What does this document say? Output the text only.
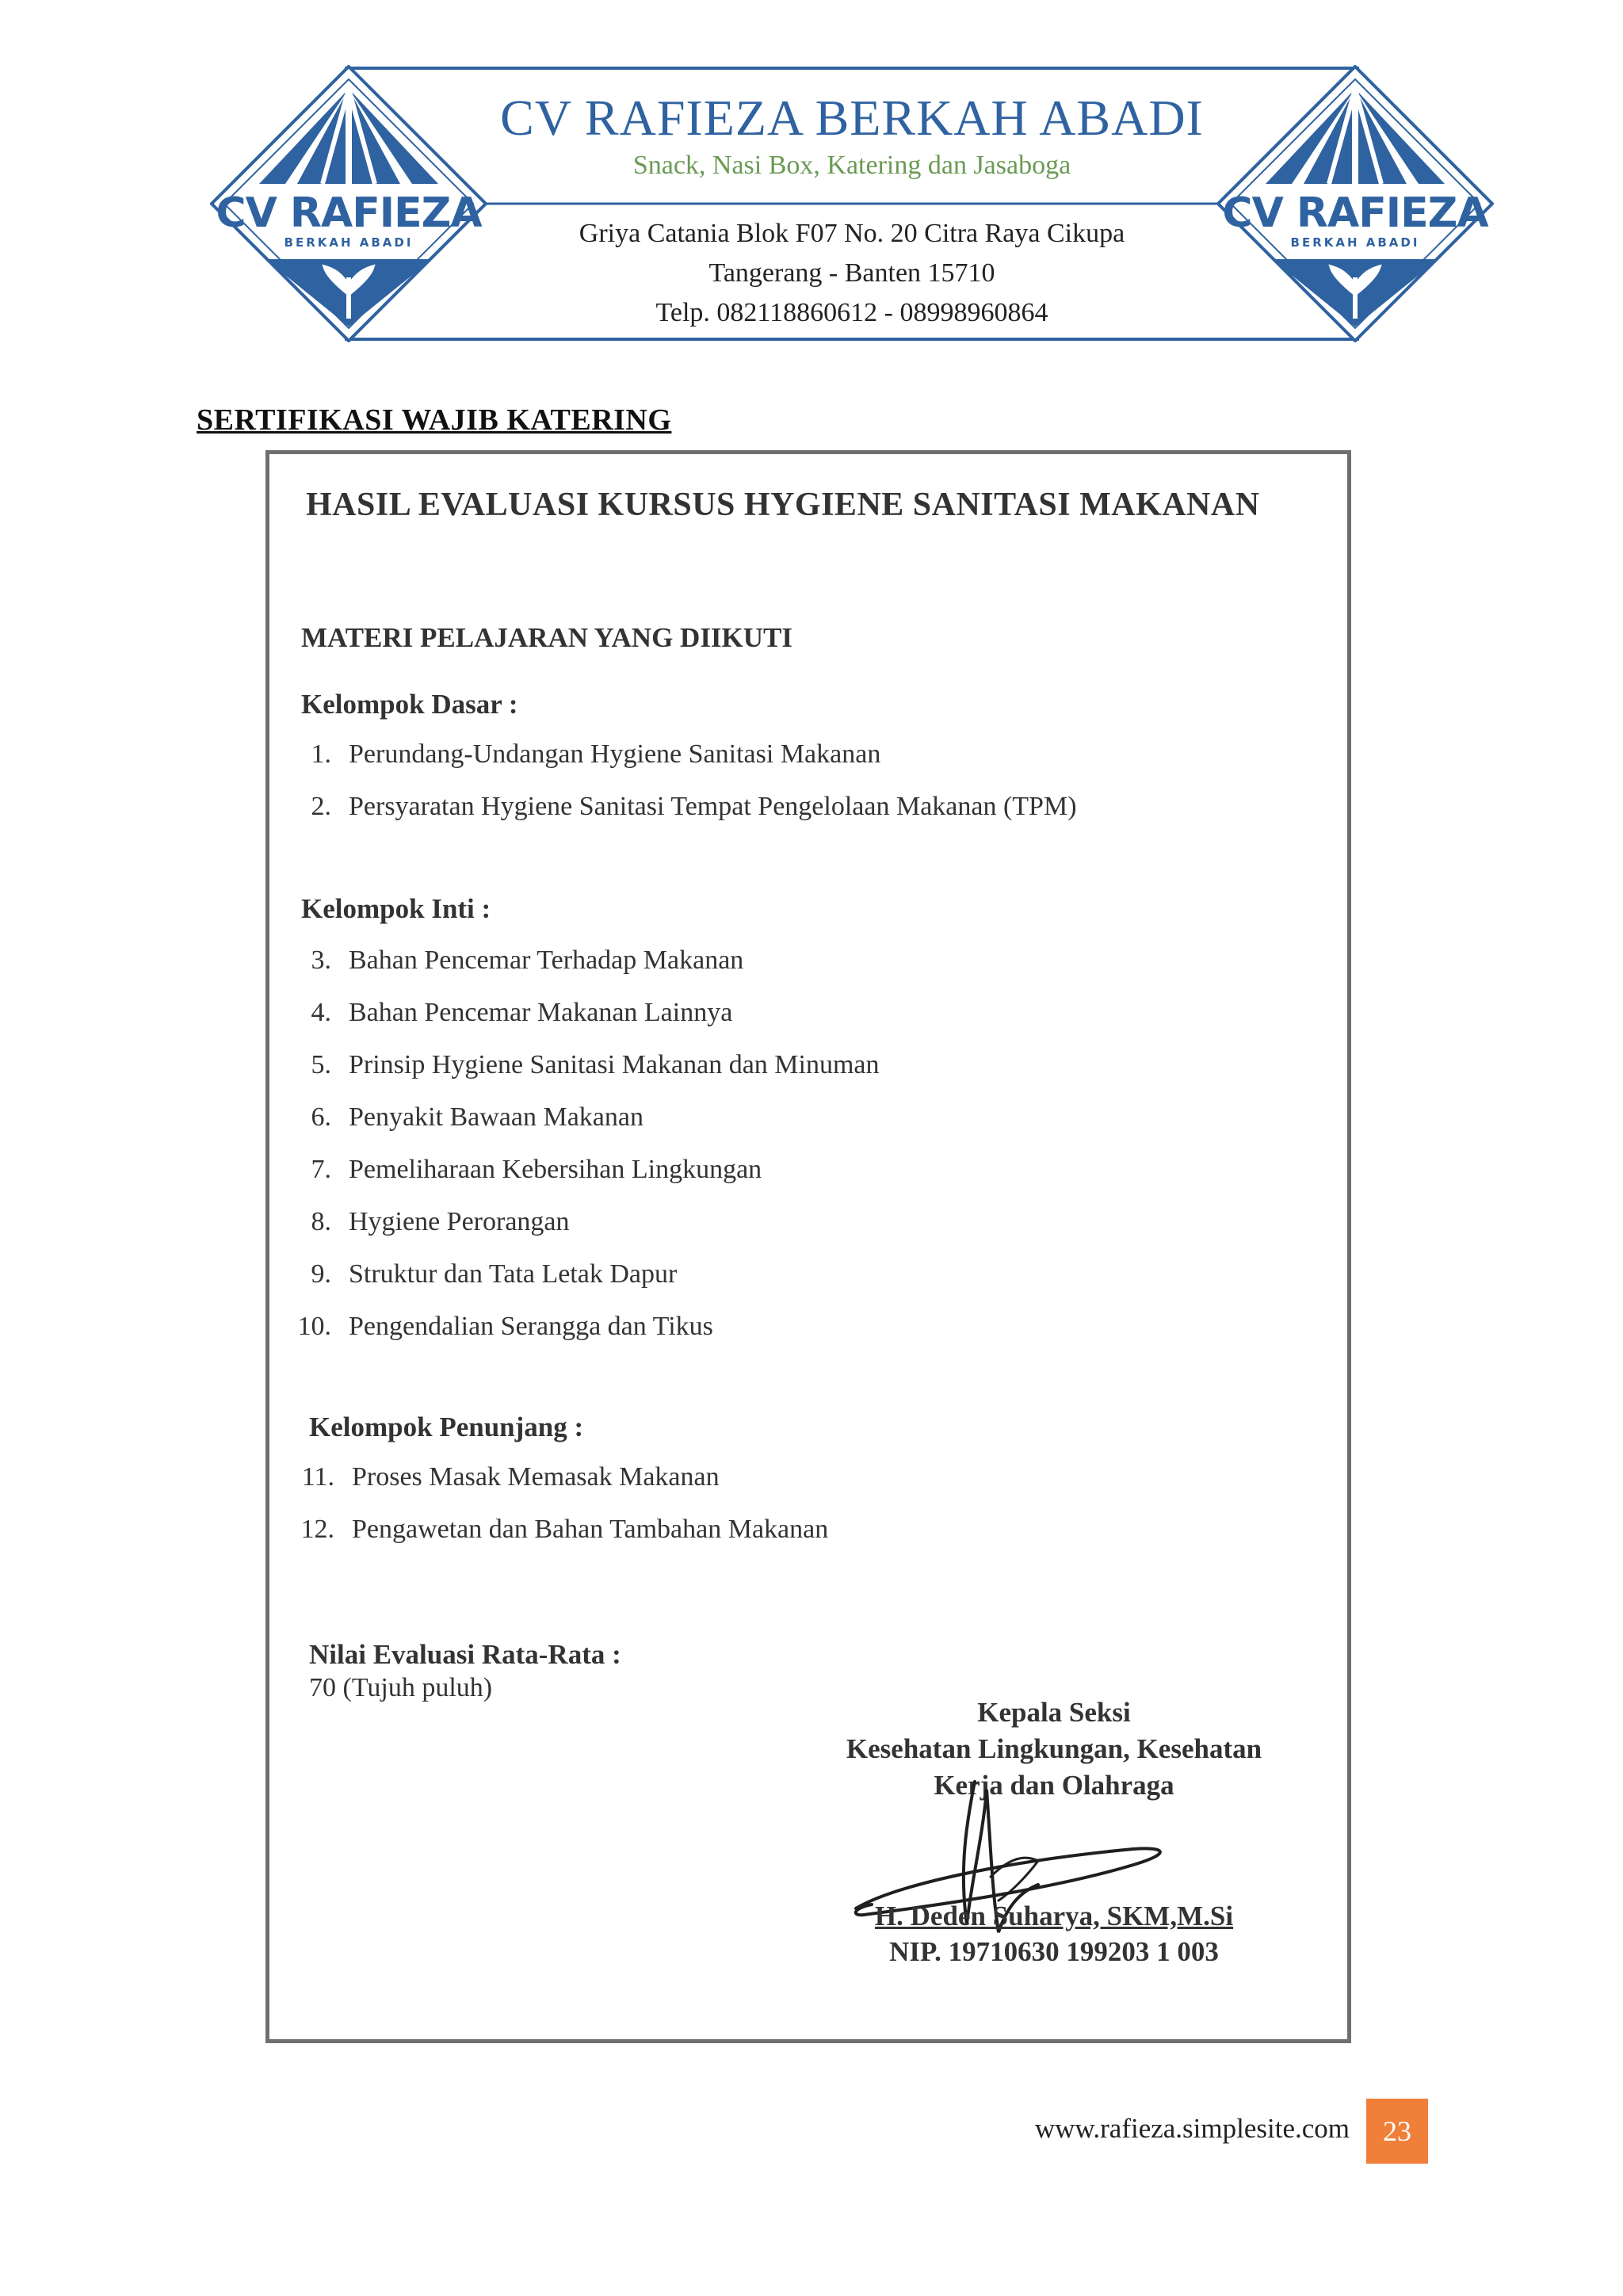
CV RAFIEZA
BERKAH ABADI
CV RAFIEZA
BERKAH ABADI
CV RAFIEZA BERKAH ABADI
Snack, Nasi Box, Katering dan Jasaboga
Griya Catania Blok F07 No. 20 Citra Raya Cikupa
Tangerang - Banten 15710
Telp. 082118860612 - 08998960864
SERTIFIKASI WAJIB KATERING
HASIL EVALUASI KURSUS HYGIENE SANITASI MAKANAN
MATERI PELAJARAN YANG DIIKUTI
Kelompok Dasar :
1. Perundang-Undangan Hygiene Sanitasi Makanan
2. Persyaratan Hygiene Sanitasi Tempat Pengelolaan Makanan (TPM)
Kelompok Inti :
3. Bahan Pencemar Terhadap Makanan
4. Bahan Pencemar Makanan Lainnya
5. Prinsip Hygiene Sanitasi Makanan dan Minuman
6. Penyakit Bawaan Makanan
7. Pemeliharaan Kebersihan Lingkungan
8. Hygiene Perorangan
9. Struktur dan Tata Letak Dapur
10. Pengendalian Serangga dan Tikus
Kelompok Penunjang :
11. Proses Masak Memasak Makanan
12. Pengawetan dan Bahan Tambahan Makanan
Nilai Evaluasi Rata-Rata :
70 (Tujuh puluh)
Kepala Seksi
Kesehatan Lingkungan, Kesehatan
Kerja dan Olahraga
H. Deden Suharya, SKM,M.Si
NIP. 19710630 199203 1 003
www.rafieza.simplesite.com	23
